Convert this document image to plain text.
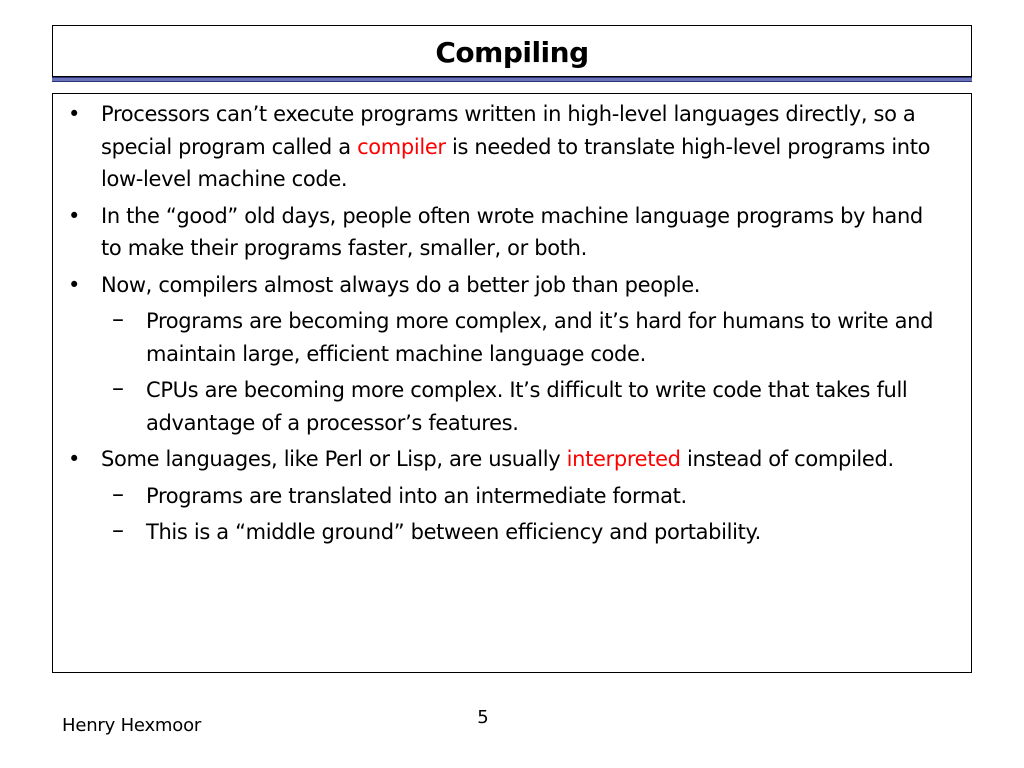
Compiling
• Processors can’t execute programs written in high-level languages directly, so a special program called a compiler is needed to translate high-level programs into low-level machine code.
• In the “good” old days, people often wrote machine language programs by hand to make their programs faster, smaller, or both.
• Now, compilers almost always do a better job than people.
– Programs are becoming more complex, and it’s hard for humans to write and maintain large, efficient machine language code.
– CPUs are becoming more complex. It’s difficult to write code that takes full advantage of a processor’s features.
• Some languages, like Perl or Lisp, are usually interpreted instead of compiled.
– Programs are translated into an intermediate format.
– This is a “middle ground” between efficiency and portability.
Henry Hexmoor	5
